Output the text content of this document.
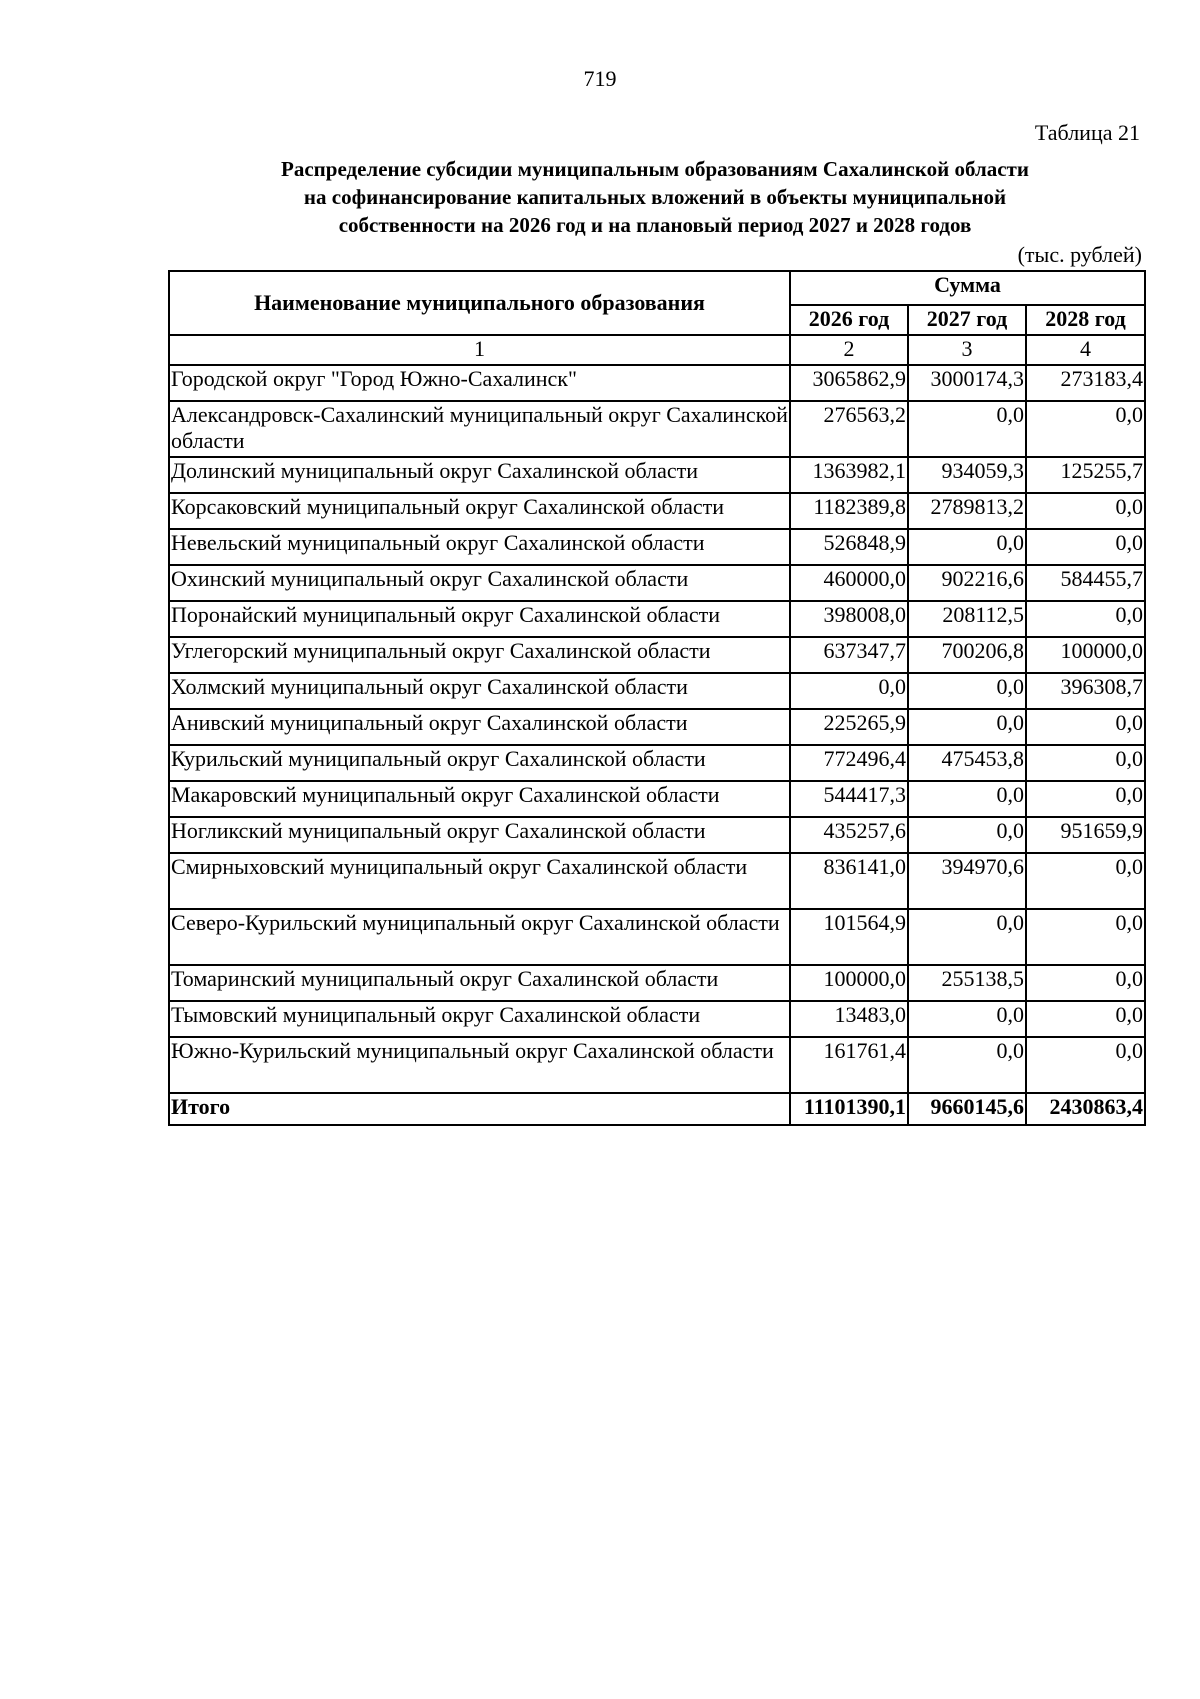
719
Таблица 21
Распределение субсидии муниципальным образованиям Сахалинской области
на софинансирование капитальных вложений в объекты муниципальной
собственности на 2026 год и на плановый период 2027 и 2028 годов
(тыс. рублей)
Наименование муниципального образования	Сумма		
	2026 год	2027 год	2028 год
1	2	3	4
Городской округ "Город Южно-Сахалинск"	3065862,9	3000174,3	273183,4
Александровск-Сахалинский муниципальный округ Сахалинской области	276563,2	0,0	0,0
Долинский муниципальный округ Сахалинской области	1363982,1	934059,3	125255,7
Корсаковский муниципальный округ Сахалинской области	1182389,8	2789813,2	0,0
Невельский муниципальный округ Сахалинской области	526848,9	0,0	0,0
Охинский муниципальный округ Сахалинской области	460000,0	902216,6	584455,7
Поронайский муниципальный округ Сахалинской области	398008,0	208112,5	0,0
Углегорский муниципальный округ Сахалинской области	637347,7	700206,8	100000,0
Холмский муниципальный округ Сахалинской области	0,0	0,0	396308,7
Анивский муниципальный округ Сахалинской области	225265,9	0,0	0,0
Курильский муниципальный округ Сахалинской области	772496,4	475453,8	0,0
Макаровский муниципальный округ Сахалинской области	544417,3	0,0	0,0
Ногликский муниципальный округ Сахалинской области	435257,6	0,0	951659,9
Смирныховский муниципальный округ Сахалинской области	836141,0	394970,6	0,0
Северо-Курильский муниципальный округ Сахалинской области	101564,9	0,0	0,0
Томаринский муниципальный округ Сахалинской области	100000,0	255138,5	0,0
Тымовский муниципальный округ Сахалинской области	13483,0	0,0	0,0
Южно-Курильский муниципальный округ Сахалинской области	161761,4	0,0	0,0
Итого	11101390,1	9660145,6	2430863,4
